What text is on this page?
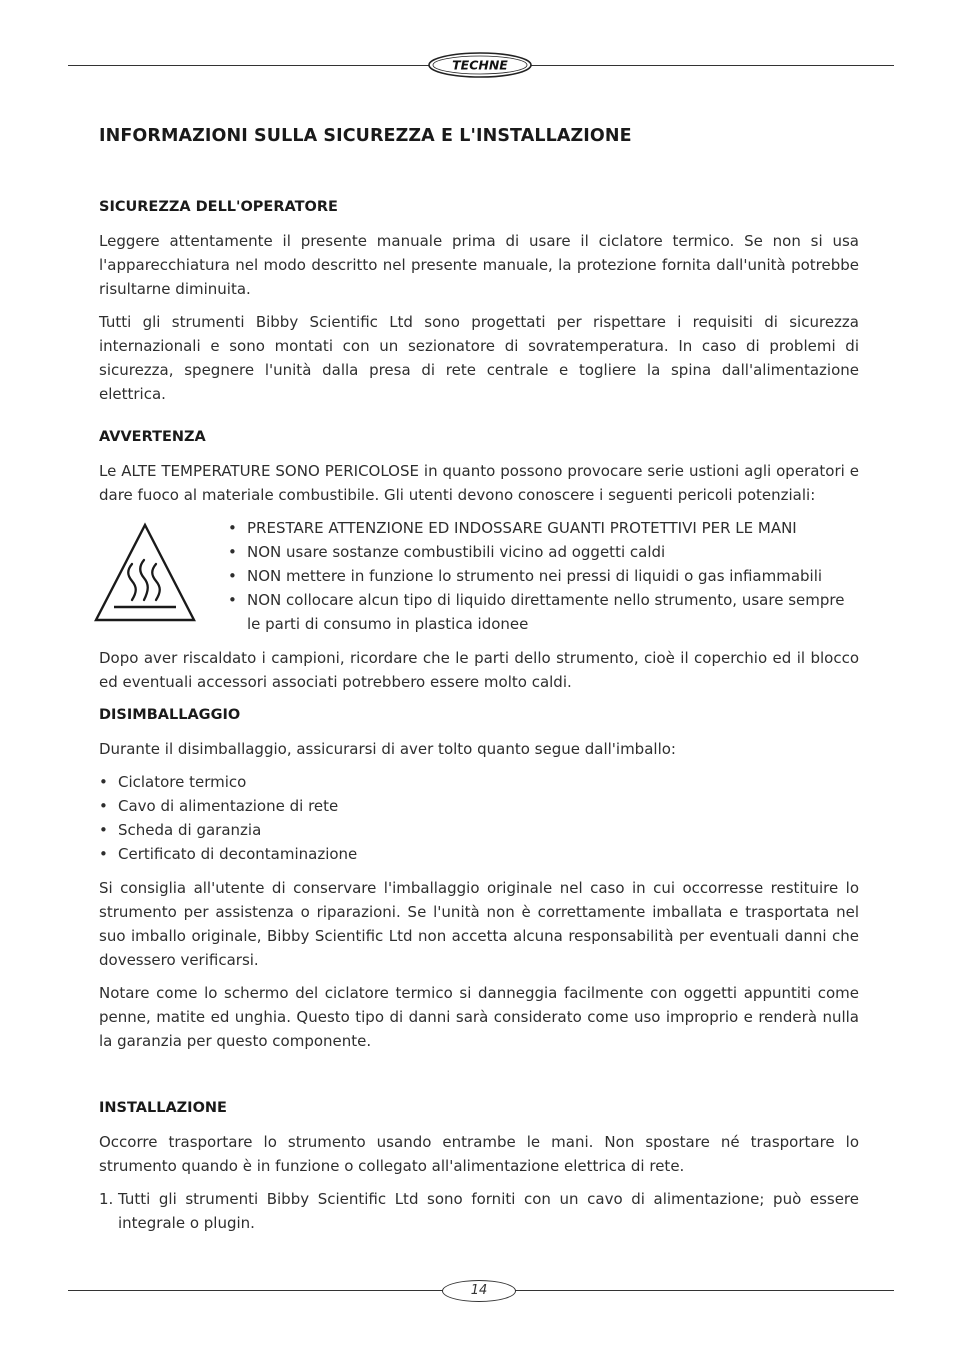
TECHNE
INFORMAZIONI SULLA SICUREZZA E L'INSTALLAZIONE
SICUREZZA DELL'OPERATORE

Leggere attentamente il presente manuale prima di usare il ciclatore termico. Se non si usa l'apparecchiatura nel modo descritto nel presente manuale, la protezione fornita dall'unità potrebbe risultarne diminuita.

Tutti gli strumenti Bibby Scientific Ltd sono progettati per rispettare i requisiti di sicurezza internazionali e sono montati con un sezionatore di sovratemperatura. In caso di problemi di sicurezza, spegnere l'unità dalla presa di rete centrale e togliere la spina dall'alimentazione elettrica.

AVVERTENZA

Le ALTE TEMPERATURE SONO PERICOLOSE in quanto possono provocare serie ustioni agli operatori e dare fuoco al materiale combustibile. Gli utenti devono conoscere i seguenti pericoli potenziali:

• PRESTARE ATTENZIONE ED INDOSSARE GUANTI PROTETTIVI PER LE MANI
• NON usare sostanze combustibili vicino ad oggetti caldi
• NON mettere in funzione lo strumento nei pressi di liquidi o gas infiammabili
• NON collocare alcun tipo di liquido direttamente nello strumento, usare sempre le parti di consumo in plastica idonee

Dopo aver riscaldato i campioni, ricordare che le parti dello strumento, cioè il coperchio ed il blocco ed eventuali accessori associati potrebbero essere molto caldi.

DISIMBALLAGGIO

Durante il disimballaggio, assicurarsi di aver tolto quanto segue dall'imballo:

• Ciclatore termico
• Cavo di alimentazione di rete
• Scheda di garanzia
• Certificato di decontaminazione

Si consiglia all'utente di conservare l'imballaggio originale nel caso in cui occorresse restituire lo strumento per assistenza o riparazioni. Se l'unità non è correttamente imballata e trasportata nel suo imballo originale, Bibby Scientific Ltd non accetta alcuna responsabilità per eventuali danni che dovessero verificarsi.

Notare come lo schermo del ciclatore termico si danneggia facilmente con oggetti appuntiti come penne, matite ed unghia. Questo tipo di danni sarà considerato come uso improprio e renderà nulla la garanzia per questo componente.

INSTALLAZIONE

Occorre trasportare lo strumento usando entrambe le mani. Non spostare né trasportare lo strumento quando è in funzione o collegato all'alimentazione elettrica di rete.

1. Tutti gli strumenti Bibby Scientific Ltd sono forniti con un cavo di alimentazione; può essere integrale o plugin.
14
